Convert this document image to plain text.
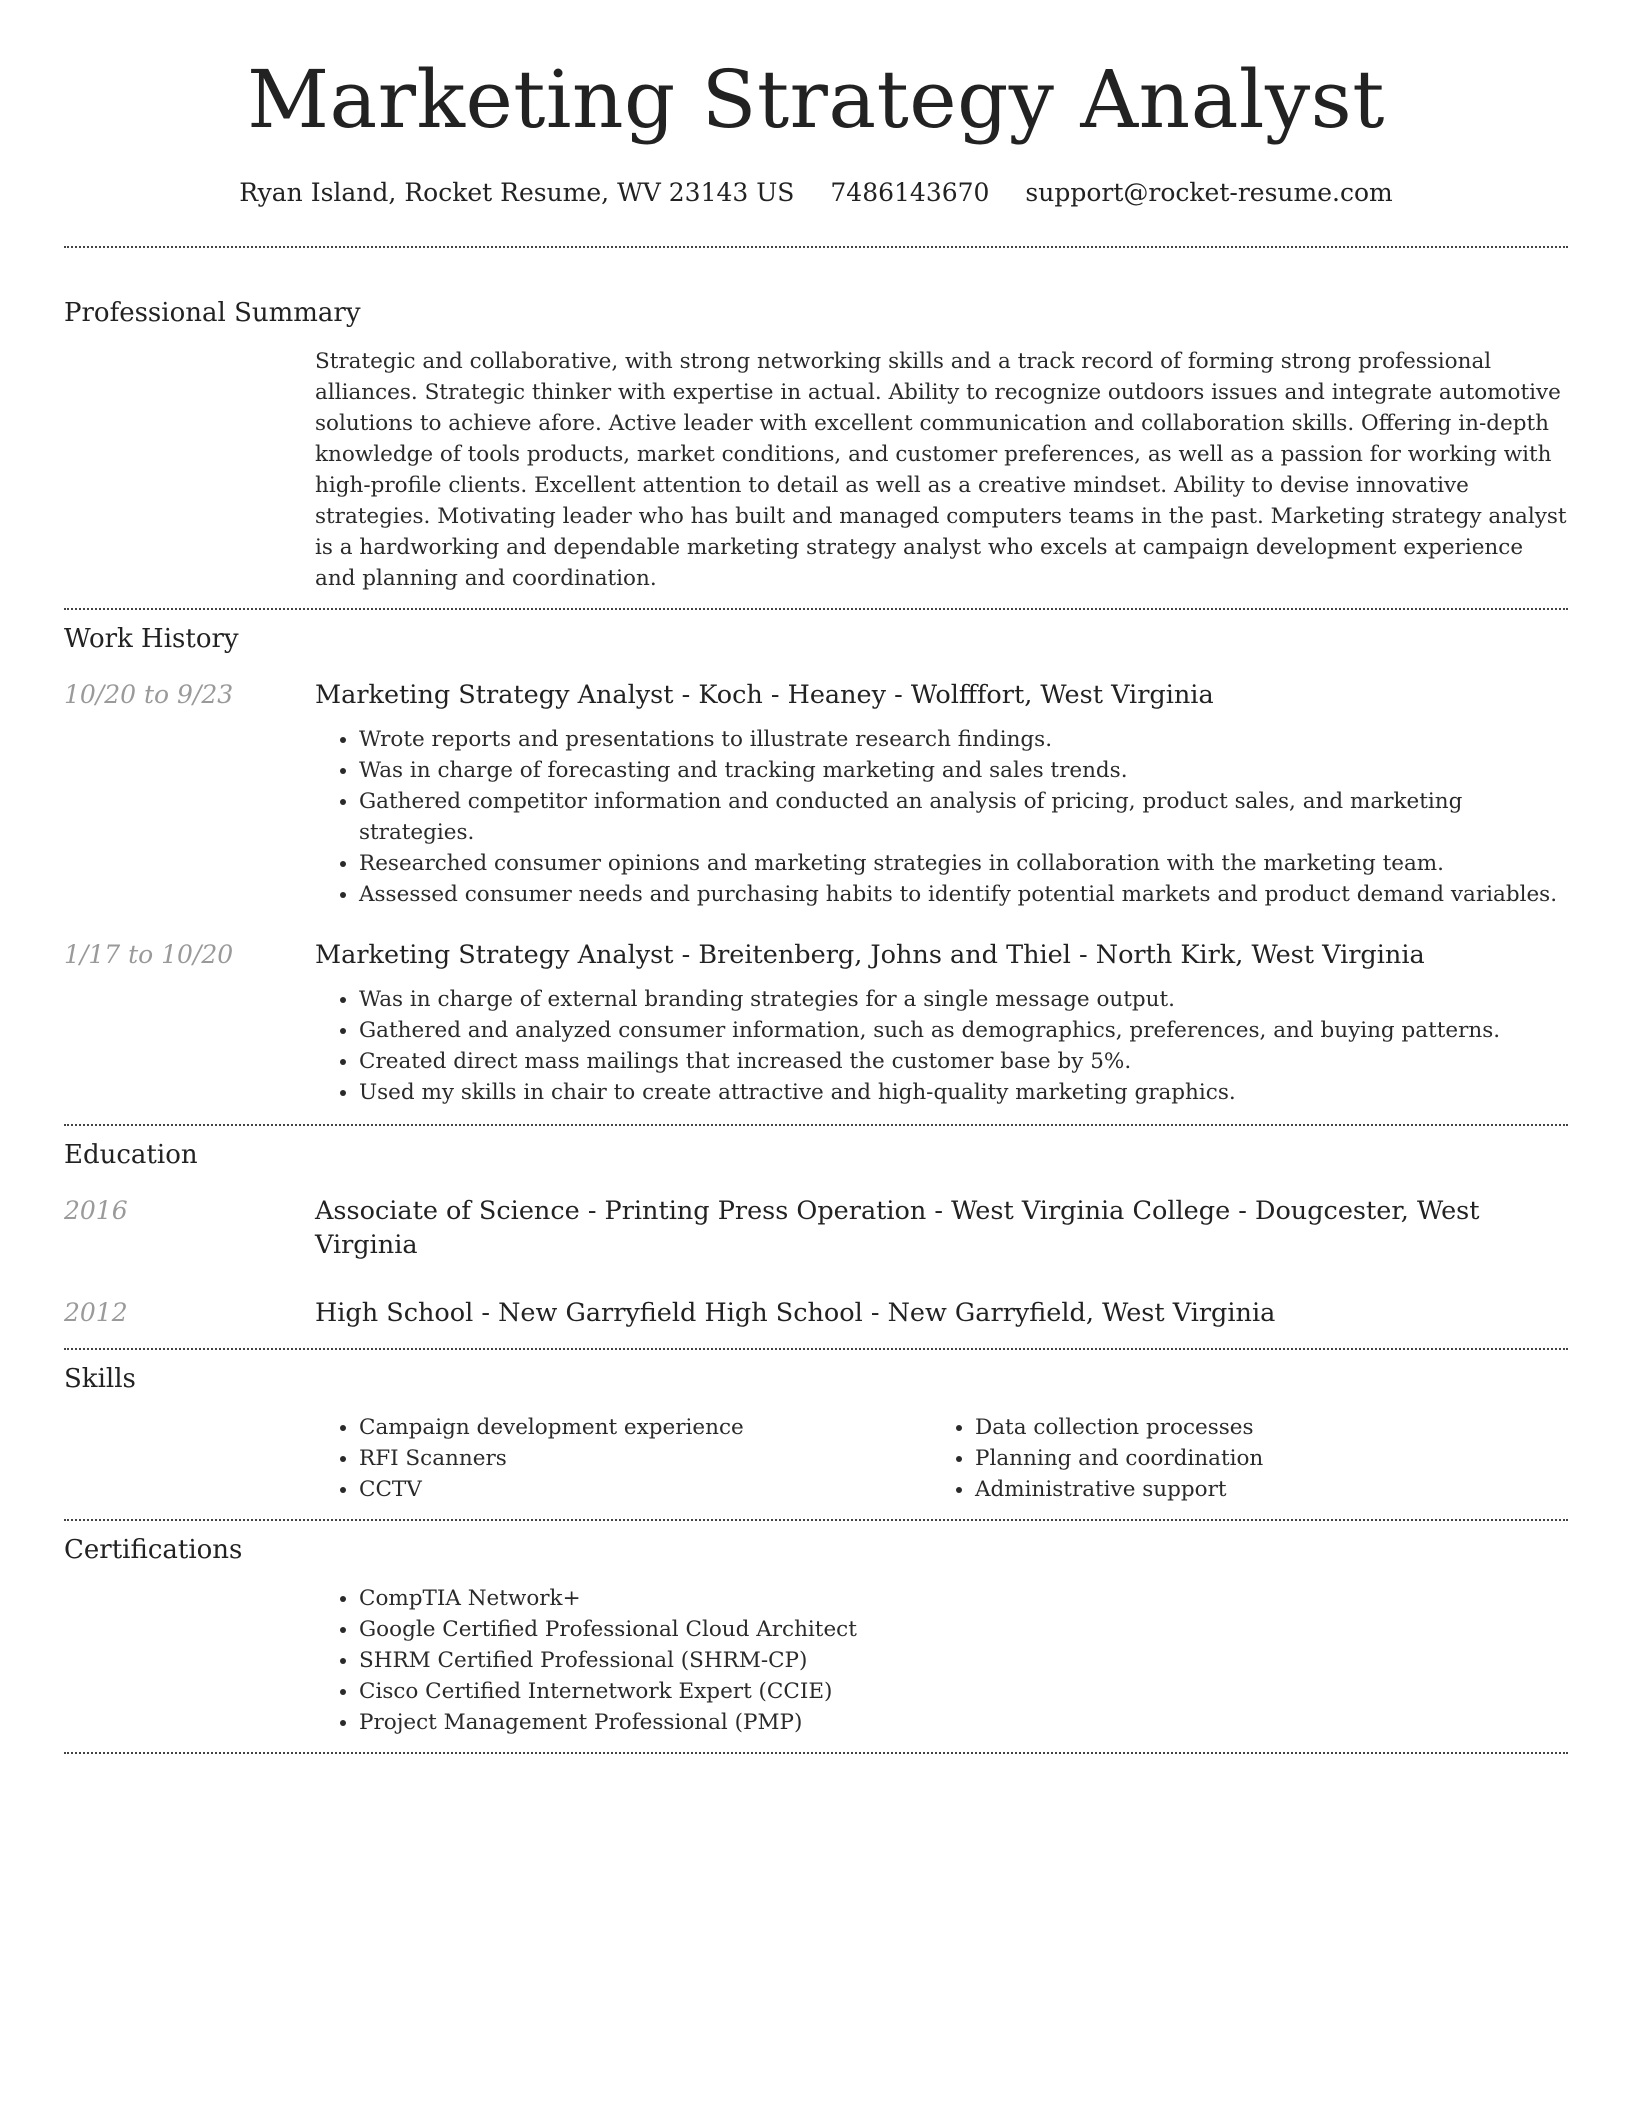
Marketing Strategy Analyst
Ryan Island, Rocket Resume, WV 23143 US 7486143670 support@rocket-resume.com
Professional Summary

Strategic and collaborative, with strong networking skills and a track record of forming strong professional alliances. Strategic thinker with expertise in actual. Ability to recognize outdoors issues and integrate automotive solutions to achieve afore. Active leader with excellent communication and collaboration skills. Offering in-depth knowledge of tools products, market conditions, and customer preferences, as well as a passion for working with high-profile clients. Excellent attention to detail as well as a creative mindset. Ability to devise innovative strategies. Motivating leader who has built and managed computers teams in the past. Marketing strategy analyst is a hardworking and dependable marketing strategy analyst who excels at campaign development experience and planning and coordination.

Work History
10/20 to 9/23	Marketing Strategy Analyst - Koch - Heaney - Wolfffort, West Virginia
• Wrote reports and presentations to illustrate research findings.
• Was in charge of forecasting and tracking marketing and sales trends.
• Gathered competitor information and conducted an analysis of pricing, product sales, and marketing strategies.
• Researched consumer opinions and marketing strategies in collaboration with the marketing team.
• Assessed consumer needs and purchasing habits to identify potential markets and product demand variables.
1/17 to 10/20	Marketing Strategy Analyst - Breitenberg, Johns and Thiel - North Kirk, West Virginia
• Was in charge of external branding strategies for a single message output.
• Gathered and analyzed consumer information, such as demographics, preferences, and buying patterns.
• Created direct mass mailings that increased the customer base by 5%.
• Used my skills in chair to create attractive and high-quality marketing graphics.
Education
2016	Associate of Science - Printing Press Operation - West Virginia College - Dougcester, West Virginia
2012	High School - New Garryfield High School - New Garryfield, West Virginia
Skills
• Campaign development experience
• RFI Scanners
• CCTV
• Data collection processes
• Planning and coordination
• Administrative support
Certifications
• CompTIA Network+
• Google Certified Professional Cloud Architect
• SHRM Certified Professional (SHRM-CP)
• Cisco Certified Internetwork Expert (CCIE)
• Project Management Professional (PMP)
